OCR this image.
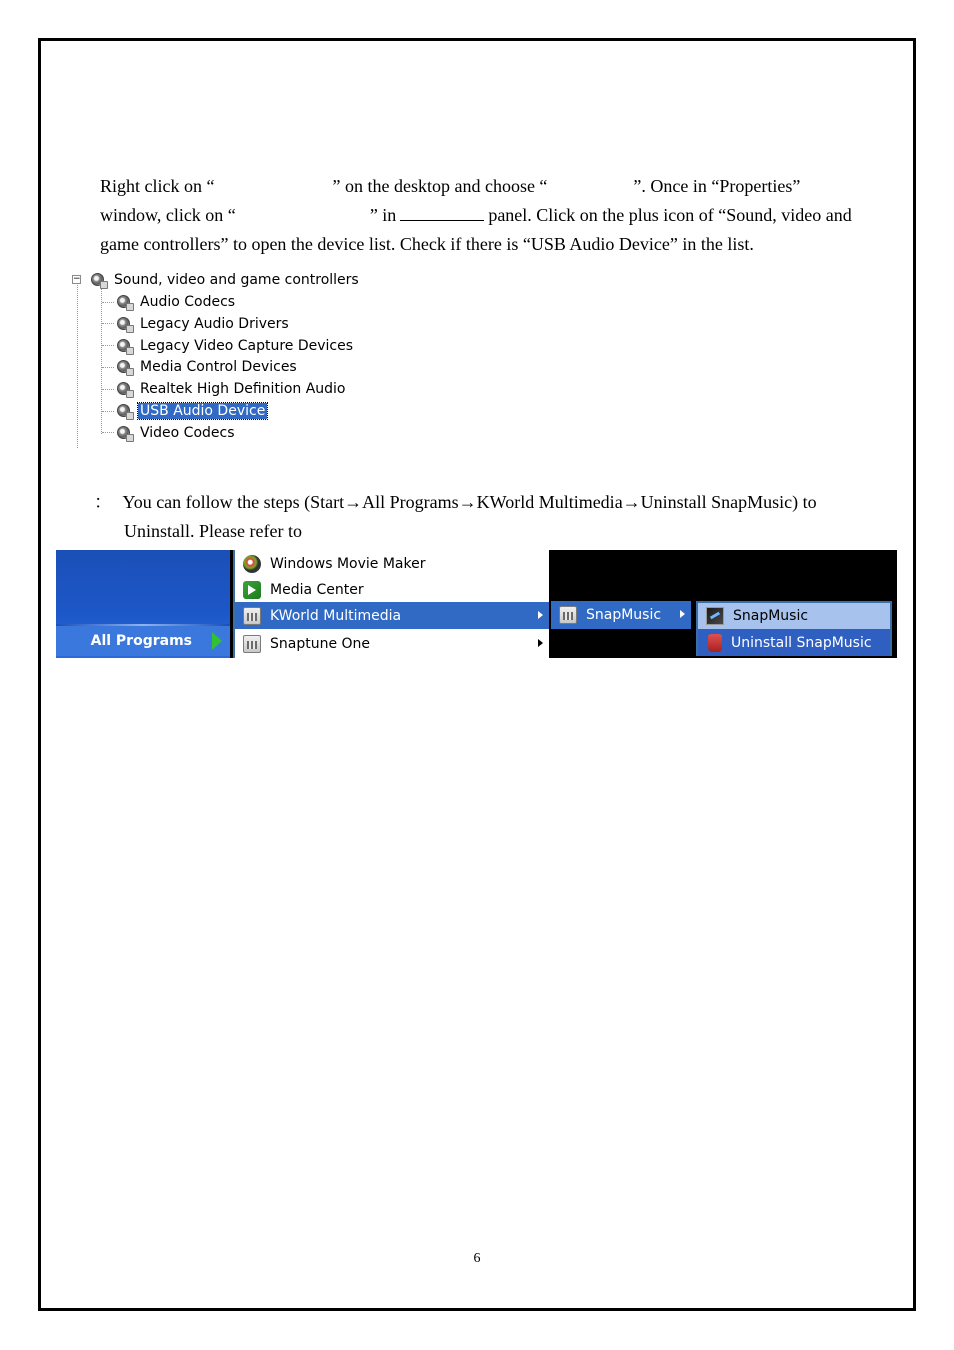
Right click on “	” on the desktop and choose “	”. Once in “Properties”
window, click on “	” in	panel. Click on the plus icon of “Sound, video and
game controllers” to open the device list. Check if there is “USB Audio Device” in the list.
− Sound, video and game controllers
Audio Codecs
Legacy Audio Drivers
Legacy Video Capture Devices
Media Control Devices
Realtek High Definition Audio
USB Audio Device
Video Codecs
： You can follow the steps (Start→All Programs→KWorld Multimedia→Uninstall SnapMusic) to
Uninstall. Please refer to
All Programs
Windows Movie Maker
Media Center
KWorld Multimedia
Snaptune One
SnapMusic	SnapMusic
Uninstall SnapMusic
6
